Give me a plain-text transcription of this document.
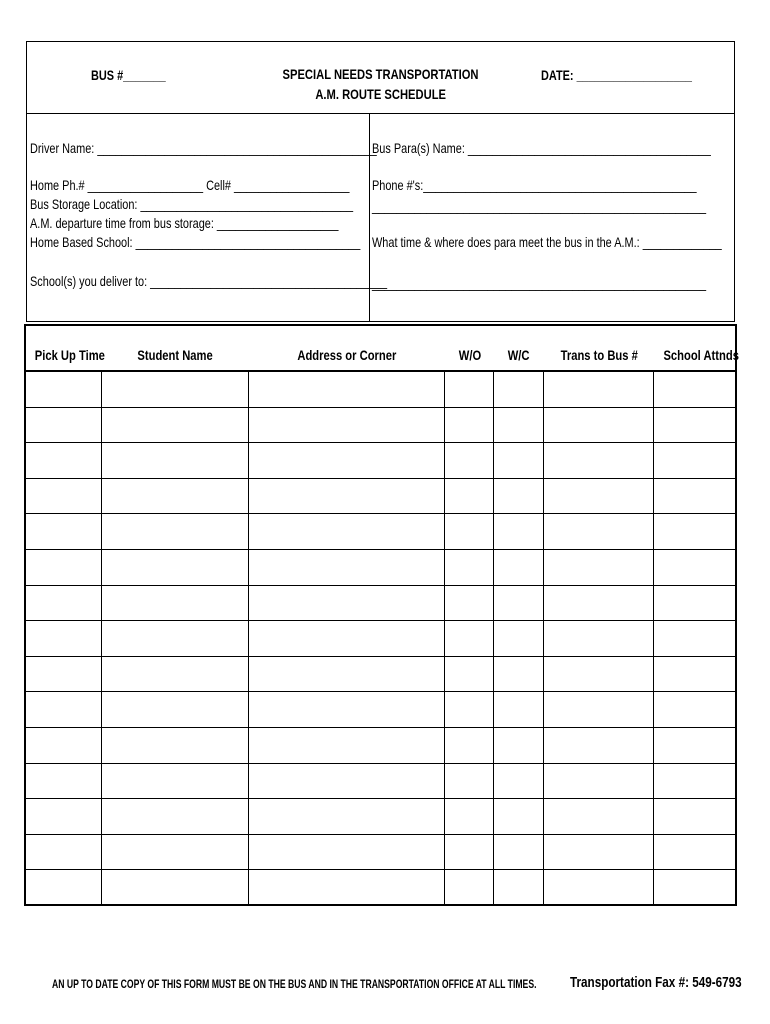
BUS #_______	SPECIAL NEEDS TRANSPORTATION
A.M. ROUTE SCHEDULE
DATE: ___________________
Driver Name: ______________________________________________
Home Ph.# ___________________ Cell# ___________________
Bus Storage Location: ___________________________________
A.M. departure time from bus storage: ____________________
Home Based School: _____________________________________
School(s) you deliver to: _______________________________________
Bus Para(s) Name: ________________________________________
Phone #'s:_____________________________________________
_______________________________________________________
What time & where does para meet the bus in the A.M.: _____________
_______________________________________________________
Pick Up Time	Student Name	Address or Corner	W/O	W/C	Trans to Bus #	School Attnds
AN UP TO DATE COPY OF THIS FORM MUST BE ON THE BUS AND IN THE TRANSPORTATION OFFICE AT ALL TIMES.	Transportation Fax #: 549-6793
